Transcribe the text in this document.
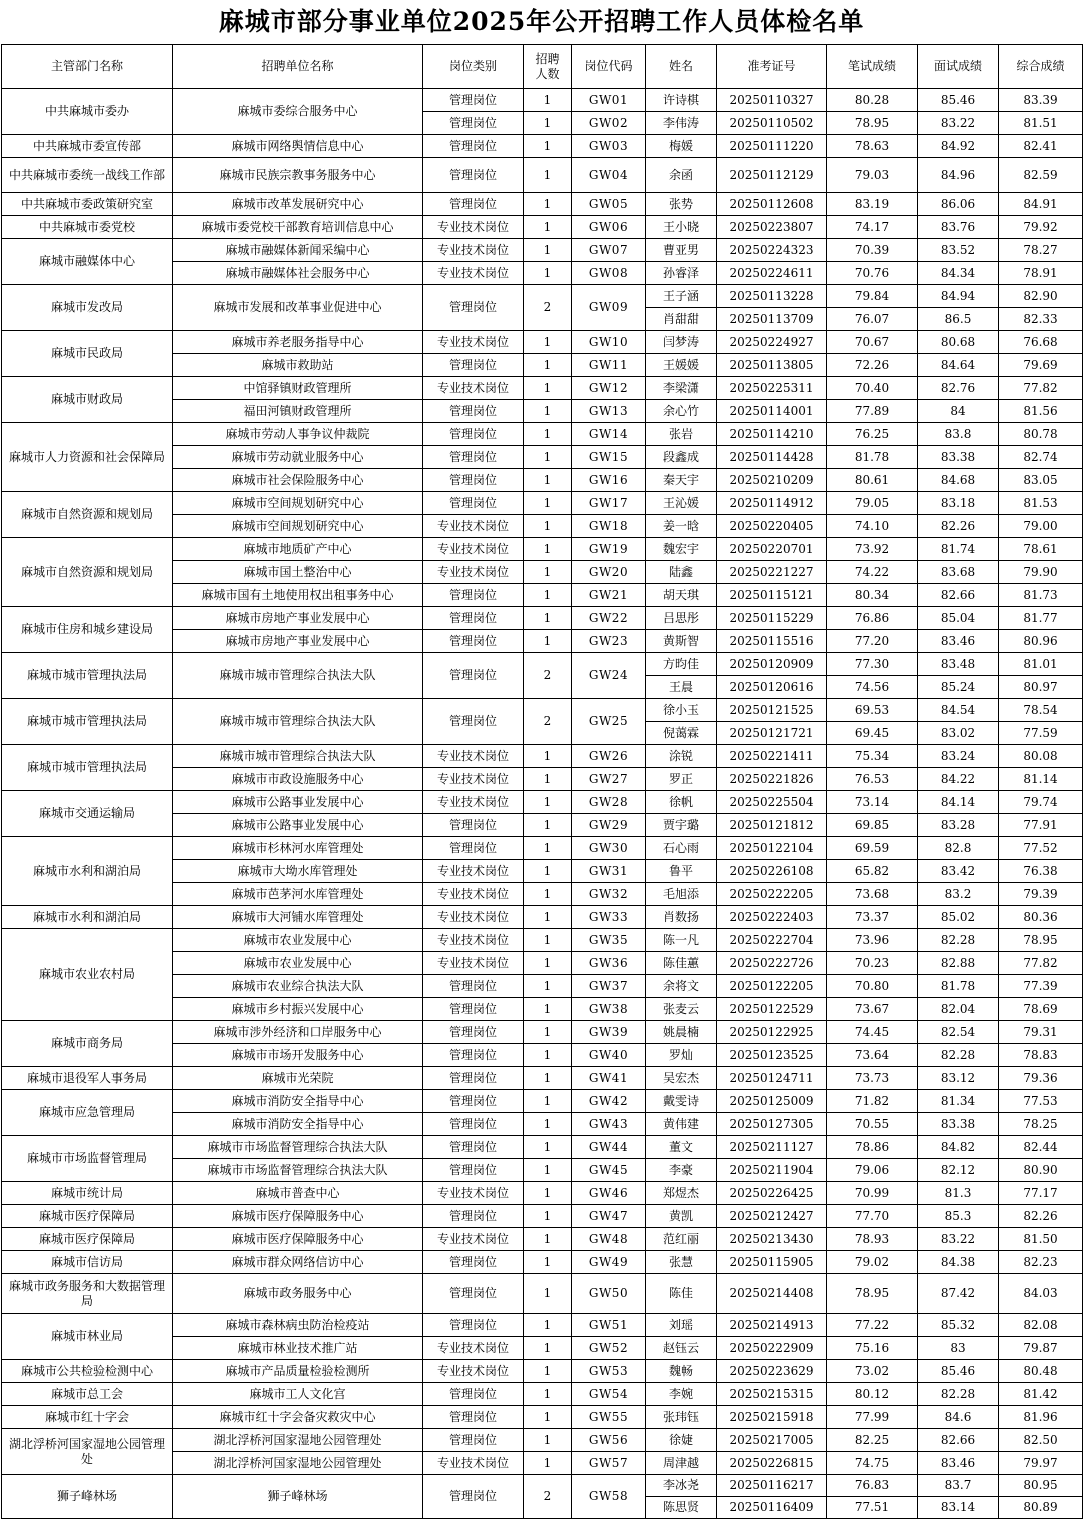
麻城市部分事业单位2025年公开招聘工作人员体检名单
主管部门名称	招聘单位名称	岗位类别	招聘
人数	岗位代码	姓名	准考证号	笔试成绩	面试成绩	综合成绩
中共麻城市委办	麻城市委综合服务中心	管理岗位	1	GW01	许诗棋	20250110327	80.28	85.46	83.39
		管理岗位	1	GW02	李伟涛	20250110502	78.95	83.22	81.51
中共麻城市委宣传部	麻城市网络舆情信息中心	管理岗位	1	GW03	梅媛	20250111220	78.63	84.92	82.41
中共麻城市委统一战线工作部	麻城市民族宗教事务服务中心	管理岗位	1	GW04	余函	20250112129	79.03	84.96	82.59
中共麻城市委政策研究室	麻城市改革发展研究中心	管理岗位	1	GW05	张势	20250112608	83.19	86.06	84.91
中共麻城市委党校	麻城市委党校干部教育培训信息中心	专业技术岗位	1	GW06	王小晓	20250223807	74.17	83.76	79.92
麻城市融媒体中心	麻城市融媒体新闻采编中心	专业技术岗位	1	GW07	曹亚男	20250224323	70.39	83.52	78.27
	麻城市融媒体社会服务中心	专业技术岗位	1	GW08	孙睿泽	20250224611	70.76	84.34	78.91
麻城市发改局	麻城市发展和改革事业促进中心	管理岗位	2	GW09	王子涵	20250113228	79.84	84.94	82.90
					肖甜甜	20250113709	76.07	86.5	82.33
麻城市民政局	麻城市养老服务指导中心	专业技术岗位	1	GW10	闫梦涛	20250224927	70.67	80.68	76.68
	麻城市救助站	管理岗位	1	GW11	王媛媛	20250113805	72.26	84.64	79.69
麻城市财政局	中馆驿镇财政管理所	专业技术岗位	1	GW12	李梁潇	20250225311	70.40	82.76	77.82
	福田河镇财政管理所	管理岗位	1	GW13	余心竹	20250114001	77.89	84	81.56
麻城市人力资源和社会保障局	麻城市劳动人事争议仲裁院	管理岗位	1	GW14	张岩	20250114210	76.25	83.8	80.78
	麻城市劳动就业服务中心	管理岗位	1	GW15	段鑫成	20250114428	81.78	83.38	82.74
	麻城市社会保险服务中心	管理岗位	1	GW16	秦天宇	20250210209	80.61	84.68	83.05
麻城市自然资源和规划局	麻城市空间规划研究中心	管理岗位	1	GW17	王沁媛	20250114912	79.05	83.18	81.53
	麻城市空间规划研究中心	专业技术岗位	1	GW18	姜一晗	20250220405	74.10	82.26	79.00
麻城市自然资源和规划局	麻城市地质矿产中心	专业技术岗位	1	GW19	魏宏宇	20250220701	73.92	81.74	78.61
	麻城市国土整治中心	专业技术岗位	1	GW20	陆鑫	20250221227	74.22	83.68	79.90
	麻城市国有土地使用权出租事务中心	管理岗位	1	GW21	胡天琪	20250115121	80.34	82.66	81.73
麻城市住房和城乡建设局	麻城市房地产事业发展中心	管理岗位	1	GW22	吕思彤	20250115229	76.86	85.04	81.77
	麻城市房地产事业发展中心	管理岗位	1	GW23	黄斯智	20250115516	77.20	83.46	80.96
麻城市城市管理执法局	麻城市城市管理综合执法大队	管理岗位	2	GW24	方昀佳	20250120909	77.30	83.48	81.01
					王晨	20250120616	74.56	85.24	80.97
麻城市城市管理执法局	麻城市城市管理综合执法大队	管理岗位	2	GW25	徐小玉	20250121525	69.53	84.54	78.54
					倪蔼霖	20250121721	69.45	83.02	77.59
麻城市城市管理执法局	麻城市城市管理综合执法大队	专业技术岗位	1	GW26	涂锐	20250221411	75.34	83.24	80.08
	麻城市市政设施服务中心	专业技术岗位	1	GW27	罗正	20250221826	76.53	84.22	81.14
麻城市交通运输局	麻城市公路事业发展中心	专业技术岗位	1	GW28	徐帆	20250225504	73.14	84.14	79.74
	麻城市公路事业发展中心	管理岗位	1	GW29	贾宇璐	20250121812	69.85	83.28	77.91
麻城市水利和湖泊局	麻城市杉林河水库管理处	管理岗位	1	GW30	石心雨	20250122104	69.59	82.8	77.52
	麻城市大坳水库管理处	专业技术岗位	1	GW31	鲁平	20250226108	65.82	83.42	76.38
	麻城市芭茅河水库管理处	专业技术岗位	1	GW32	毛旭添	20250222205	73.68	83.2	79.39
麻城市水利和湖泊局	麻城市大河铺水库管理处	专业技术岗位	1	GW33	肖数扬	20250222403	73.37	85.02	80.36
麻城市农业农村局	麻城市农业发展中心	专业技术岗位	1	GW35	陈一凡	20250222704	73.96	82.28	78.95
	麻城市农业发展中心	专业技术岗位	1	GW36	陈佳蕙	20250222726	70.23	82.88	77.82
	麻城市农业综合执法大队	管理岗位	1	GW37	余将文	20250122205	70.80	81.78	77.39
	麻城市乡村振兴发展中心	管理岗位	1	GW38	张麦云	20250122529	73.67	82.04	78.69
麻城市商务局	麻城市涉外经济和口岸服务中心	管理岗位	1	GW39	姚晨楠	20250122925	74.45	82.54	79.31
	麻城市市场开发服务中心	管理岗位	1	GW40	罗灿	20250123525	73.64	82.28	78.83
麻城市退役军人事务局	麻城市光荣院	管理岗位	1	GW41	吴宏杰	20250124711	73.73	83.12	79.36
麻城市应急管理局	麻城市消防安全指导中心	管理岗位	1	GW42	戴雯诗	20250125009	71.82	81.34	77.53
	麻城市消防安全指导中心	管理岗位	1	GW43	黄伟建	20250127305	70.55	83.38	78.25
麻城市市场监督管理局	麻城市市场监督管理综合执法大队	管理岗位	1	GW44	董文	20250211127	78.86	84.82	82.44
	麻城市市场监督管理综合执法大队	管理岗位	1	GW45	李豪	20250211904	79.06	82.12	80.90
麻城市统计局	麻城市普查中心	专业技术岗位	1	GW46	郑煜杰	20250226425	70.99	81.3	77.17
麻城市医疗保障局	麻城市医疗保障服务中心	管理岗位	1	GW47	黄凯	20250212427	77.70	85.3	82.26
麻城市医疗保障局	麻城市医疗保障服务中心	专业技术岗位	1	GW48	范红丽	20250213430	78.93	83.22	81.50
麻城市信访局	麻城市群众网络信访中心	管理岗位	1	GW49	张慧	20250115905	79.02	84.38	82.23
麻城市政务服务和大数据管理局	麻城市政务服务中心	管理岗位	1	GW50	陈佳	20250214408	78.95	87.42	84.03
麻城市林业局	麻城市森林病虫防治检疫站	管理岗位	1	GW51	刘瑶	20250214913	77.22	85.32	82.08
	麻城市林业技术推广站	专业技术岗位	1	GW52	赵钰云	20250222909	75.16	83	79.87
麻城市公共检验检测中心	麻城市产品质量检验检测所	专业技术岗位	1	GW53	魏畅	20250223629	73.02	85.46	80.48
麻城市总工会	麻城市工人文化宫	管理岗位	1	GW54	李婉	20250215315	80.12	82.28	81.42
麻城市红十字会	麻城市红十字会备灾救灾中心	管理岗位	1	GW55	张玮钰	20250215918	77.99	84.6	81.96
湖北浮桥河国家湿地公园管理处	湖北浮桥河国家湿地公园管理处	管理岗位	1	GW56	徐婕	20250217005	82.25	82.66	82.50
	湖北浮桥河国家湿地公园管理处	专业技术岗位	1	GW57	周津越	20250226815	74.75	83.46	79.97
狮子峰林场	狮子峰林场	管理岗位	2	GW58	李冰尧	20250116217	76.83	83.7	80.95
					陈思贤	20250116409	77.51	83.14	80.89
